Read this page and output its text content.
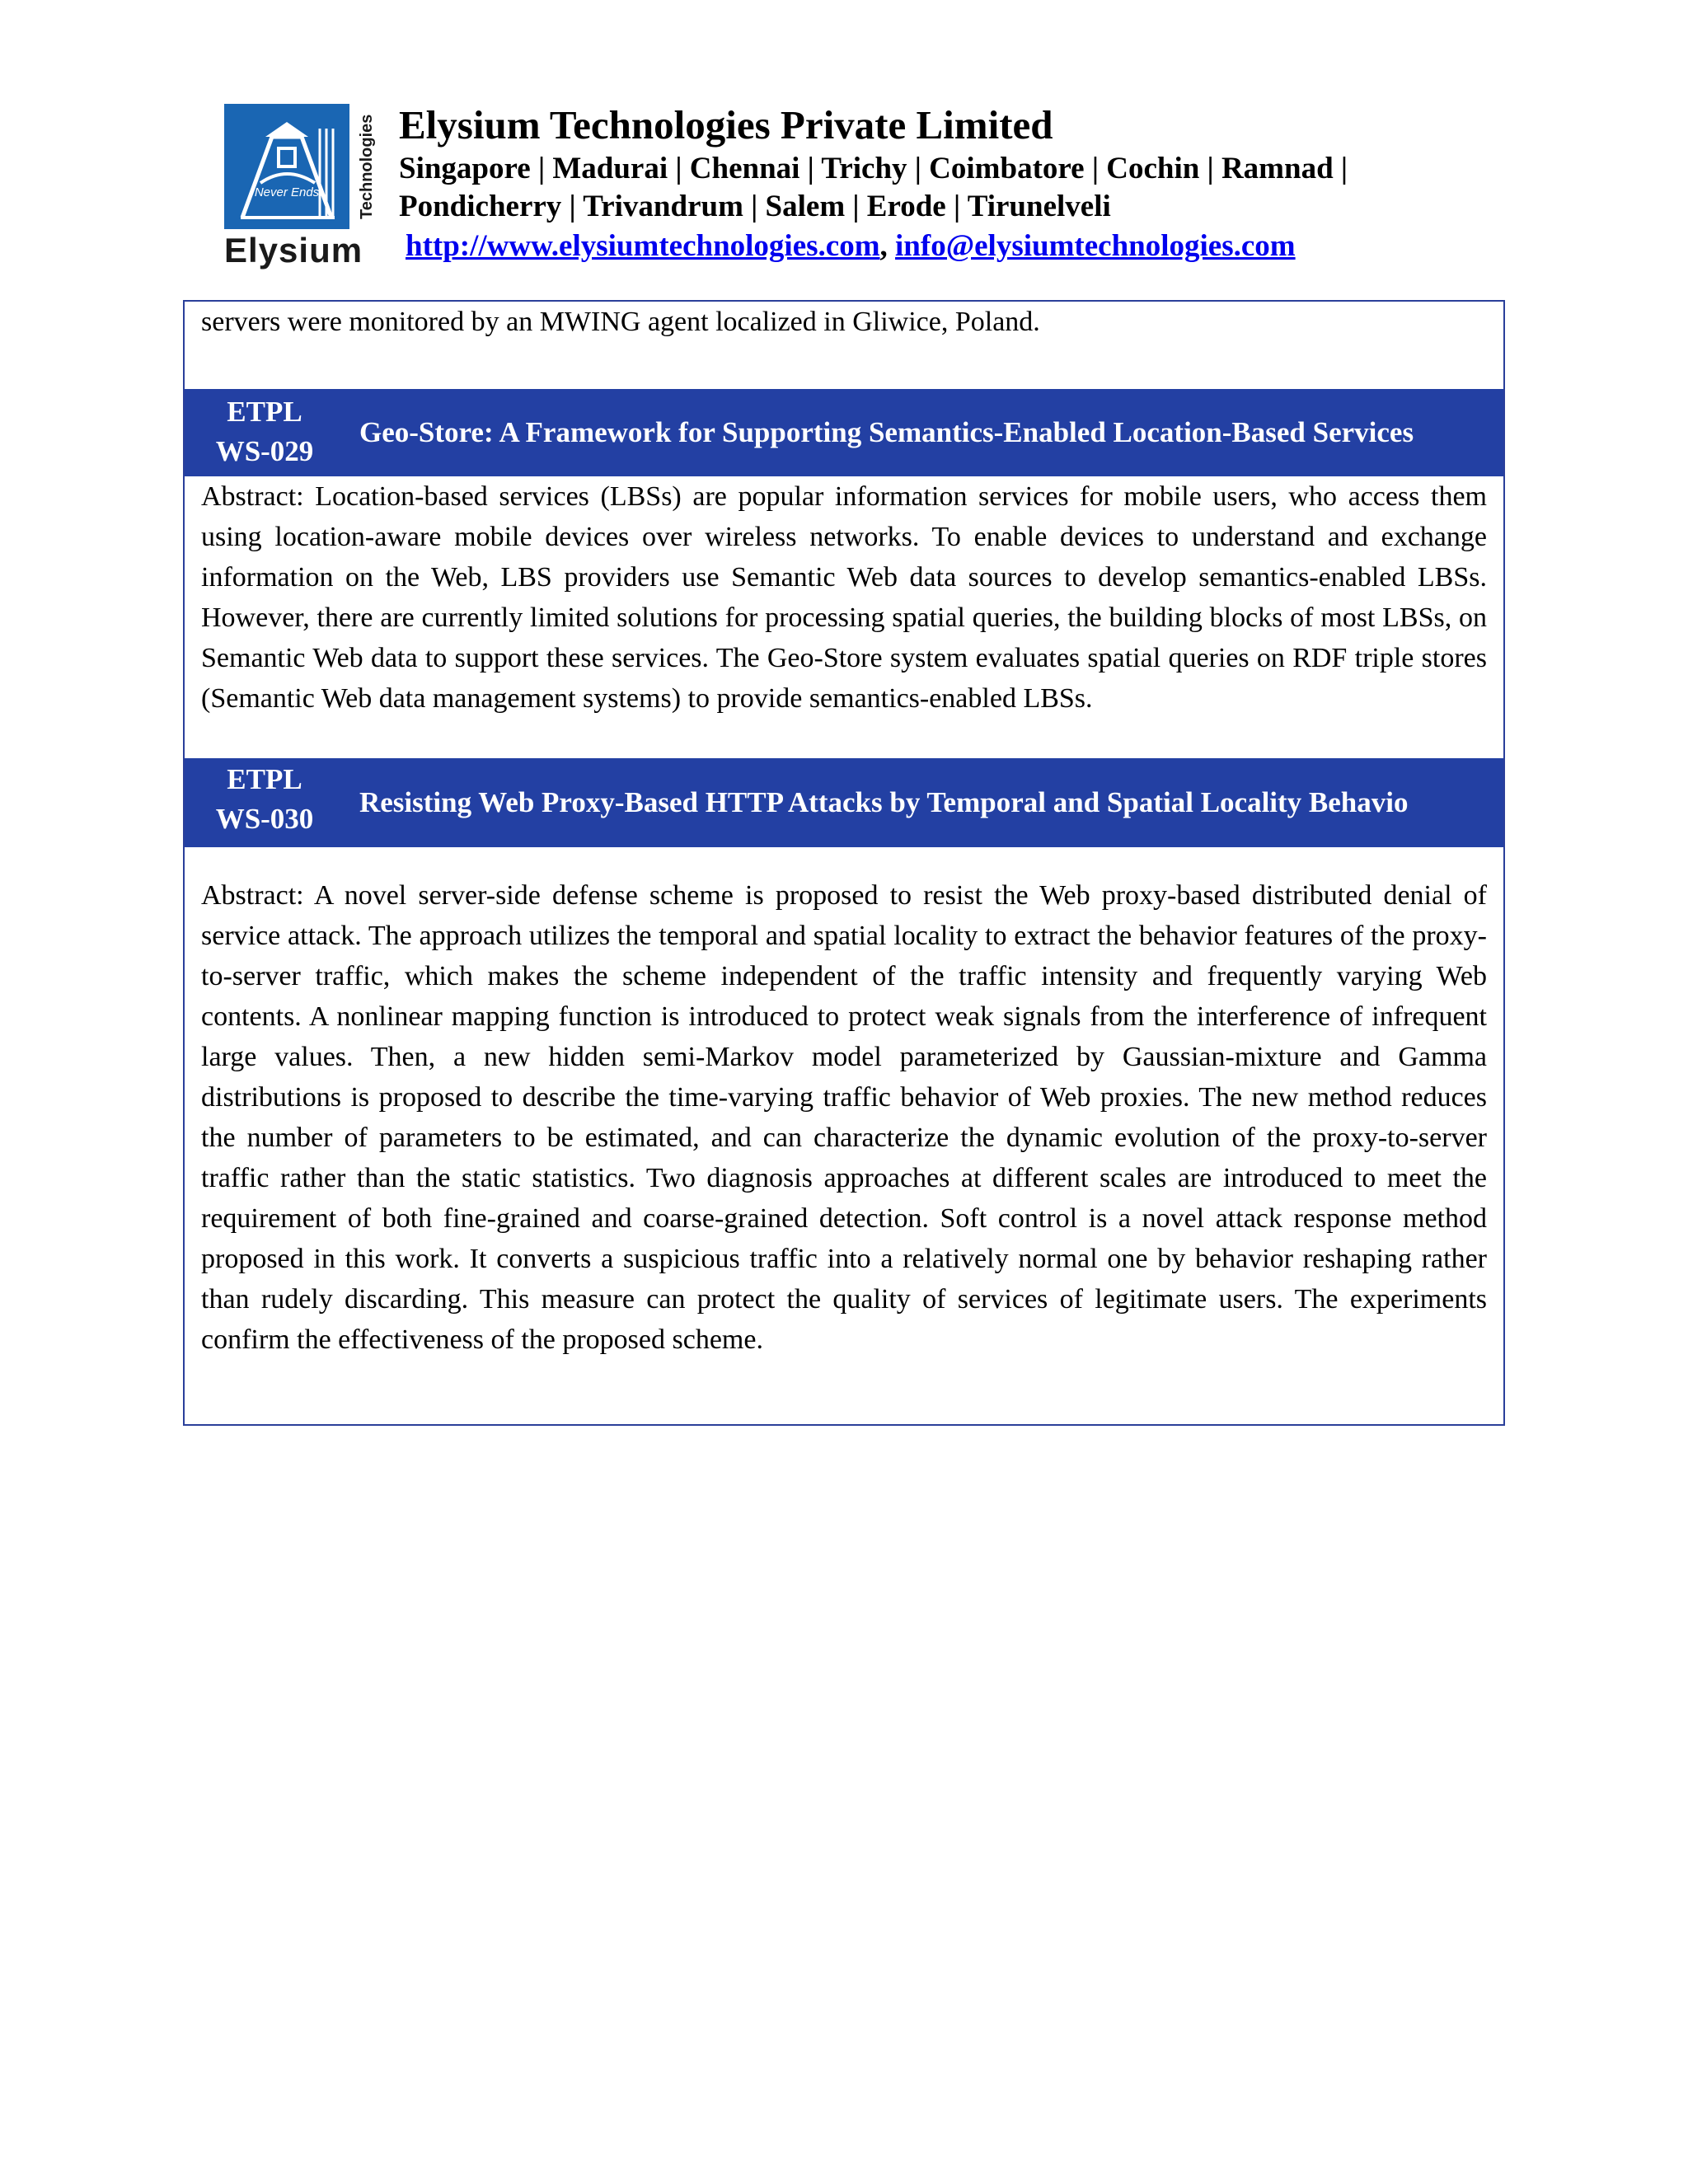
Never Ends Technologies
Elysium
Elysium Technologies Private Limited
Singapore | Madurai | Chennai | Trichy | Coimbatore | Cochin | Ramnad | Pondicherry | Trivandrum | Salem | Erode | Tirunelveli
http://www.elysiumtechnologies.com, info@elysiumtechnologies.com
servers were monitored by an MWING agent localized in Gliwice, Poland.
ETPL
WS-029
Geo-Store: A Framework for Supporting Semantics-Enabled Location-Based Services
Abstract: Location-based services (LBSs) are popular information services for mobile users, who access them using location-aware mobile devices over wireless networks. To enable devices to understand and exchange information on the Web, LBS providers use Semantic Web data sources to develop semantics-enabled LBSs. However, there are currently limited solutions for processing spatial queries, the building blocks of most LBSs, on Semantic Web data to support these services. The Geo-Store system evaluates spatial queries on RDF triple stores (Semantic Web data management systems) to provide semantics-enabled LBSs.
ETPL
WS-030
Resisting Web Proxy-Based HTTP Attacks by Temporal and Spatial Locality Behavio
Abstract: A novel server-side defense scheme is proposed to resist the Web proxy-based distributed denial of service attack. The approach utilizes the temporal and spatial locality to extract the behavior features of the proxy-to-server traffic, which makes the scheme independent of the traffic intensity and frequently varying Web contents. A nonlinear mapping function is introduced to protect weak signals from the interference of infrequent large values. Then, a new hidden semi-Markov model parameterized by Gaussian-mixture and Gamma distributions is proposed to describe the time-varying traffic behavior of Web proxies. The new method reduces the number of parameters to be estimated, and can characterize the dynamic evolution of the proxy-to-server traffic rather than the static statistics. Two diagnosis approaches at different scales are introduced to meet the requirement of both fine-grained and coarse-grained detection. Soft control is a novel attack response method proposed in this work. It converts a suspicious traffic into a relatively normal one by behavior reshaping rather than rudely discarding. This measure can protect the quality of services of legitimate users. The experiments confirm the effectiveness of the proposed scheme.
